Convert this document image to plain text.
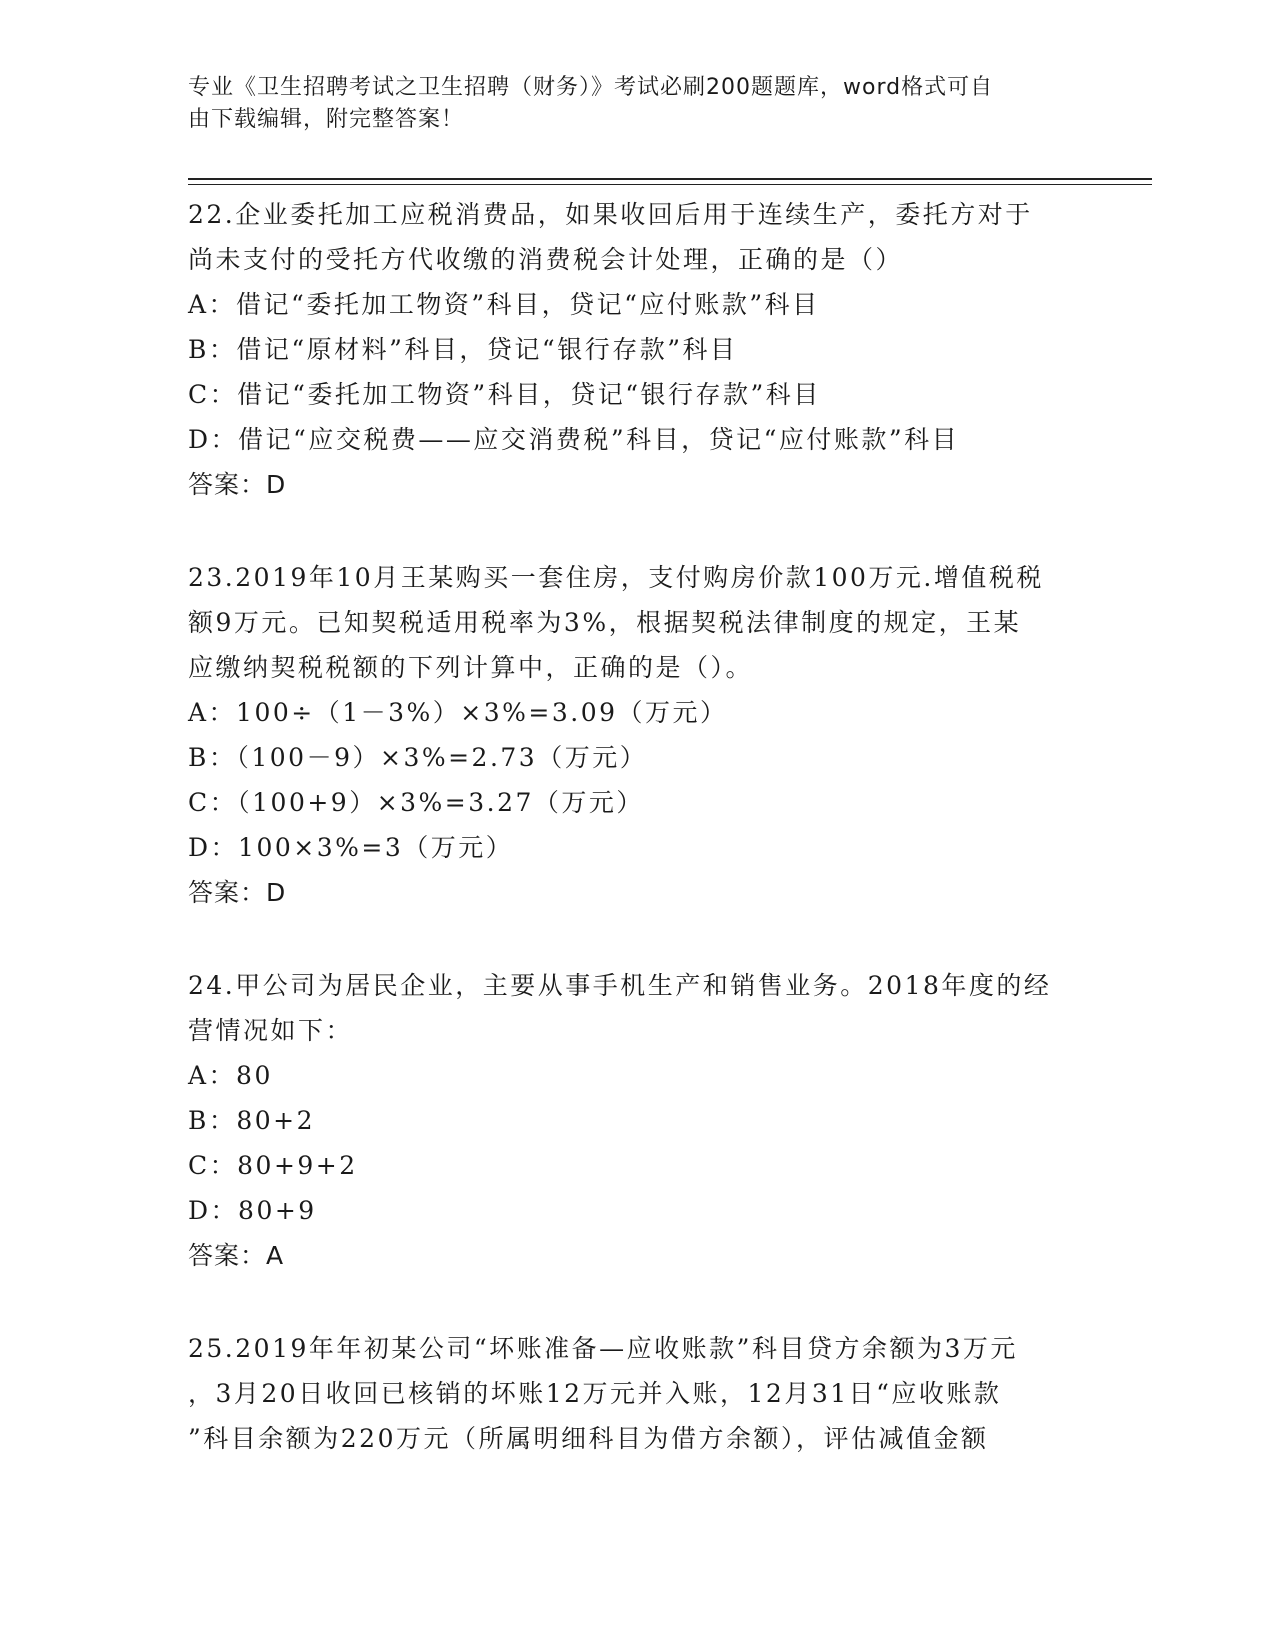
专业《卫生招聘考试之卫生招聘（财务）》考试必刷200题题库，word格式可自
由下载编辑，附完整答案！
22.企业委托加工应税消费品，如果收回后用于连续生产，委托方对于
尚未支付的受托方代收缴的消费税会计处理，正确的是（）
A：借记“委托加工物资”科目，贷记“应付账款”科目
B：借记“原材料”科目，贷记“银行存款”科目
C：借记“委托加工物资”科目，贷记“银行存款”科目
D：借记“应交税费——应交消费税”科目，贷记“应付账款”科目
答案：D
23.2019年10月王某购买一套住房，支付购房价款100万元.增值税税
额9万元。已知契税适用税率为3%，根据契税法律制度的规定，王某
应缴纳契税税额的下列计算中，正确的是（）。
A：100÷（1－3%）×3%=3.09（万元）
B：（100－9）×3%=2.73（万元）
C：（100+9）×3%=3.27（万元）
D：100×3%=3（万元）
答案：D
24.甲公司为居民企业，主要从事手机生产和销售业务。2018年度的经
营情况如下：
A：80
B：80+2
C：80+9+2
D：80+9
答案：A
25.2019年年初某公司“坏账准备—应收账款”科目贷方余额为3万元
，3月20日收回已核销的坏账12万元并入账，12月31日“应收账款
”科目余额为220万元（所属明细科目为借方余额），评估减值金额
